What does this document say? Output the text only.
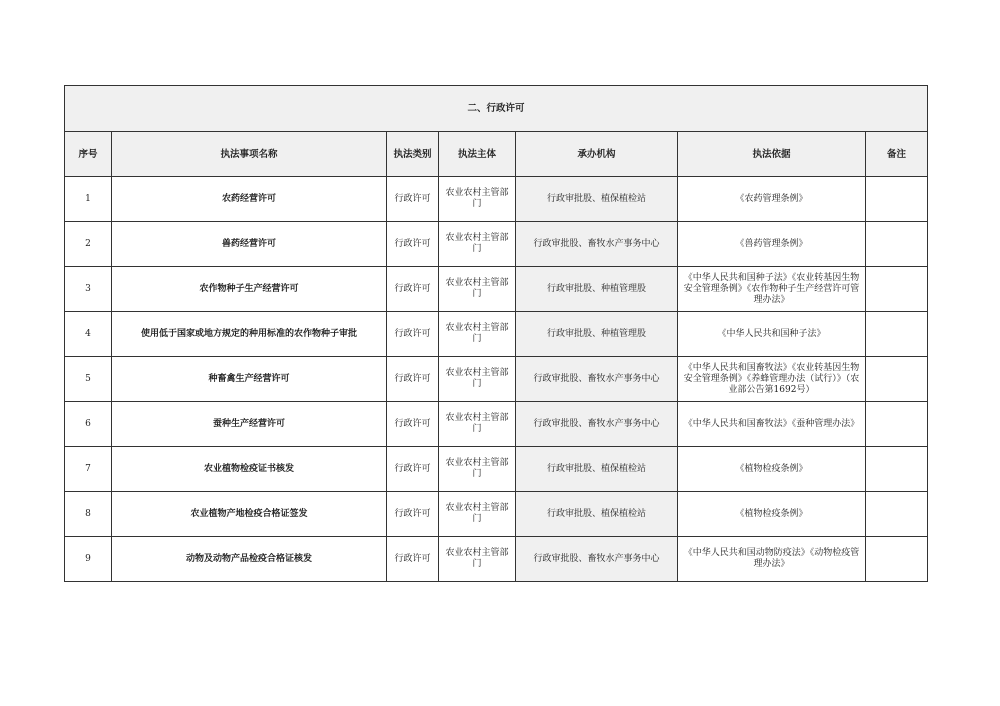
二、行政许可						
序号	执法事项名称	执法类别	执法主体	承办机构	执法依据	备注
1	农药经营许可	行政许可	农业农村主管部门	行政审批股、植保植检站	《农药管理条例》	
2	兽药经营许可	行政许可	农业农村主管部门	行政审批股、畜牧水产事务中心	《兽药管理条例》	
3	农作物种子生产经营许可	行政许可	农业农村主管部门	行政审批股、种植管理股	《中华人民共和国种子法》《农业转基因生物安全管理条例》《农作物种子生产经营许可管理办法》	
4	使用低于国家或地方规定的种用标准的农作物种子审批	行政许可	农业农村主管部门	行政审批股、种植管理股	《中华人民共和国种子法》	
5	种畜禽生产经营许可	行政许可	农业农村主管部门	行政审批股、畜牧水产事务中心	《中华人民共和国畜牧法》《农业转基因生物安全管理条例》《养蜂管理办法（试行）》（农业部公告第1692号）	
6	蚕种生产经营许可	行政许可	农业农村主管部门	行政审批股、畜牧水产事务中心	《中华人民共和国畜牧法》《蚕种管理办法》	
7	农业植物检疫证书核发	行政许可	农业农村主管部门	行政审批股、植保植检站	《植物检疫条例》	
8	农业植物产地检疫合格证签发	行政许可	农业农村主管部门	行政审批股、植保植检站	《植物检疫条例》	
9	动物及动物产品检疫合格证核发	行政许可	农业农村主管部门	行政审批股、畜牧水产事务中心	《中华人民共和国动物防疫法》《动物检疫管理办法》	
